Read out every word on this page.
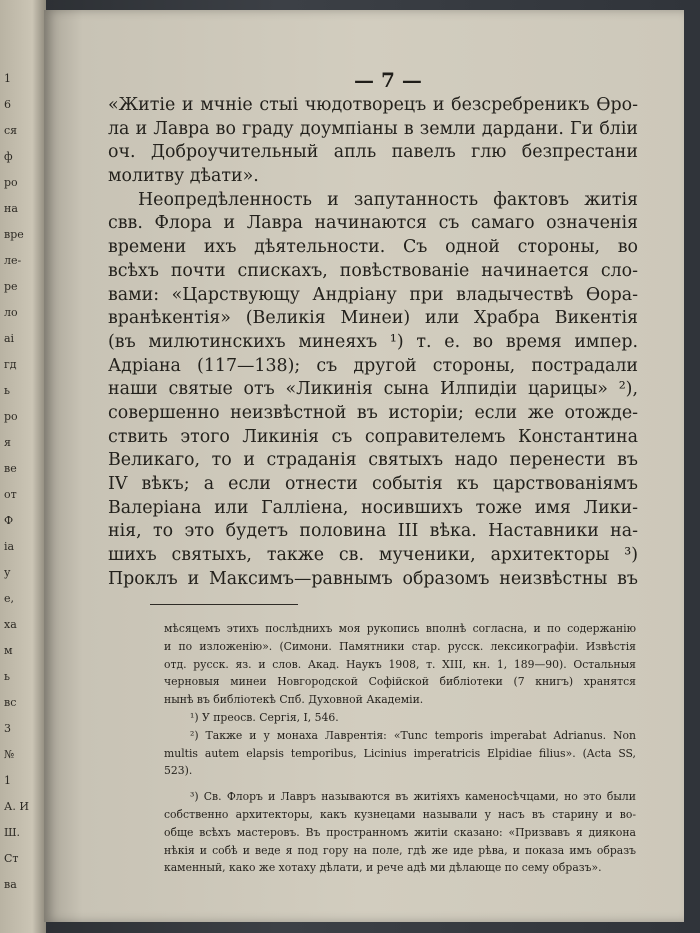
1
6
ся
ф
ро
на
вре
ле-
ре
ло
аі
гд
ь
ро
я
ве
от
Ф
іа
у
е,
ха
м
ь
вс
3
№
1
А. И
Ш.
Ст
ва
— 7 —
«Житіе и мчніе стыі чюдотворецъ и безсребреникъ Ѳро-
ла и Лавра во граду доумпіаны в земли дардани. Ги бліи
оч. Доброучительный апль павелъ глю безпрестани
молитву дѣати».
Неопредѣленность и запутанность фактовъ житія
свв. Флора и Лавра начинаются съ самаго означенія
времени ихъ дѣятельности. Съ одной стороны, во
всѣхъ почти спискахъ, повѣствованіе начинается сло-
вами: «Царствующу Андріану при владычествѣ Ѳора-
вранѣкентія» (Великія Минеи) или Храбра Викентія
(въ милютинскихъ минеяхъ ¹) т. е. во время импер.
Адріана (117—138); съ другой стороны, пострадали
наши святые отъ «Ликинія сына Илпидіи царицы» ²),
совершенно неизвѣстной въ исторіи; если же отожде-
ствить этого Ликинія съ соправителемъ Константина
Великаго, то и страданія святыхъ надо перенести въ
IV вѣкъ; а если отнести событія къ царствованіямъ
Валеріана или Галліена, носившихъ тоже имя Лики-
нія, то это будетъ половина III вѣка. Наставники на-
шихъ святыхъ, также св. мученики, архитекторы ³)
Проклъ и Максимъ—равнымъ образомъ неизвѣстны въ
мѣсяцемъ этихъ послѣднихъ моя рукопись вполнѣ согласна, и по содержанію
и по изложенію». (Симони. Памятники стар. русск. лексикографіи. Извѣстія
отд. русск. яз. и слов. Акад. Наукъ 1908, т. XIII, кн. 1, 189—90). Остальныя
черновыя минеи Новгородской Софійской библіотеки (7 книгъ) хранятся
нынѣ въ библіотекѣ Спб. Духовной Академіи.
¹) У преосв. Сергія, I, 546.
²) Также и у монаха Лаврентія: «Tunc temporis imperabat Adrianus. Non
multis autem elapsis temporibus, Licinius imperatricis Elpidiae filius». (Acta SS,
523).
³) Св. Флоръ и Лавръ называются въ житіяхъ каменосѣчцами, но это были
собственно архитекторы, какъ кузнецами называли у насъ въ старину и во-
обще всѣхъ мастеровъ. Въ пространномъ житіи сказано: «Призвавъ я диякона
нѣкія и собѣ и веде я под гору на поле, гдѣ же иде рѣва, и показа имъ образъ
каменный, како же хотаху дѣлати, и рече адѣ ми дѣлающе по сему образъ».
